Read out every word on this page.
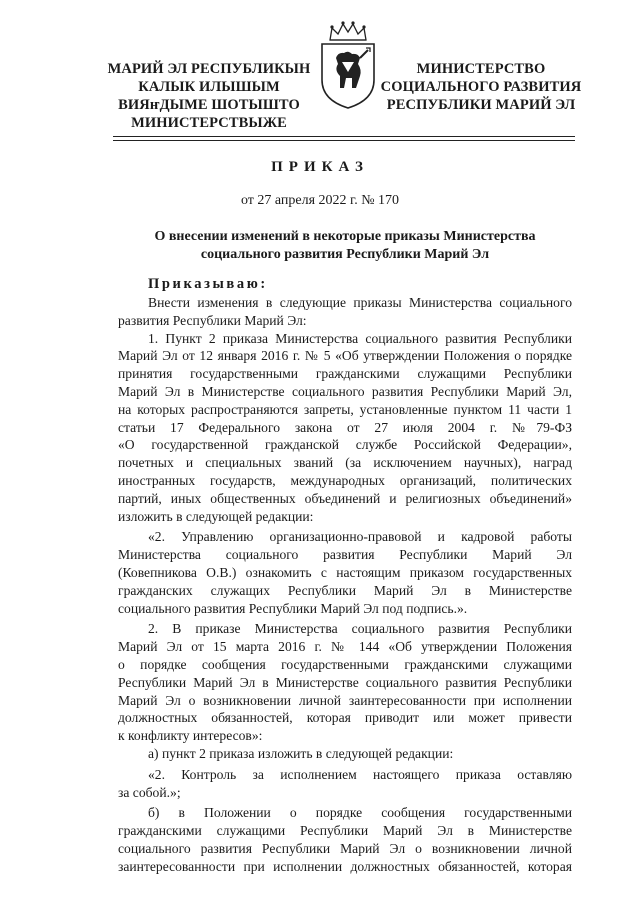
МАРИЙ ЭЛ РЕСПУБЛИКЫН
КАЛЫК ИЛЫШЫМ
ВИЯҥДЫМЕ ШОТЫШТО
МИНИСТЕРСТВЫЖЕ
МИНИСТЕРСТВО
СОЦИАЛЬНОГО РАЗВИТИЯ
РЕСПУБЛИКИ МАРИЙ ЭЛ
ПРИКАЗ
от 27 апреля 2022 г. № 170
О внесении изменений в некоторые приказы Министерства
социального развития Республики Марий Эл
Приказываю:
Внести изменения в следующие приказы Министерства социального
развития Республики Марий Эл:
1. Пункт 2 приказа Министерства социального развития Республики
Марий Эл от 12 января 2016 г. № 5 «Об утверждении Положения о порядке
принятия государственными гражданскими служащими Республики
Марий Эл в Министерстве социального развития Республики Марий Эл,
на которых распространяются запреты, установленные пунктом 11 части 1
статьи 17 Федерального закона от 27 июля 2004 г. №79-ФЗ
«О государственной гражданской службе Российской Федерации»,
почетных и специальных званий (за исключением научных), наград
иностранных государств, международных организаций, политических
партий, иных общественных объединений и религиозных объединений»
изложить в следующей редакции:
«2. Управлению организационно-правовой и кадровой работы
Министерства социального развития Республики Марий Эл
(Ковепникова О.В.) ознакомить с настоящим приказом государственных
гражданских служащих Республики Марий Эл в Министерстве
социального развития Республики Марий Эл под подпись.».
2. В приказе Министерства социального развития Республики
Марий Эл от 15 марта 2016 г. № 144 «Об утверждении Положения
о порядке сообщения государственными гражданскими служащими
Республики Марий Эл в Министерстве социального развития Республики
Марий Эл о возникновении личной заинтересованности при исполнении
должностных обязанностей, которая приводит или может привести
к конфликту интересов»:
а) пункт 2 приказа изложить в следующей редакции:
«2. Контроль за исполнением настоящего приказа оставляю
за собой.»;
б) в Положении о порядке сообщения государственными
гражданскими служащими Республики Марий Эл в Министерстве
социального развития Республики Марий Эл о возникновении личной
заинтересованности при исполнении должностных обязанностей, которая
